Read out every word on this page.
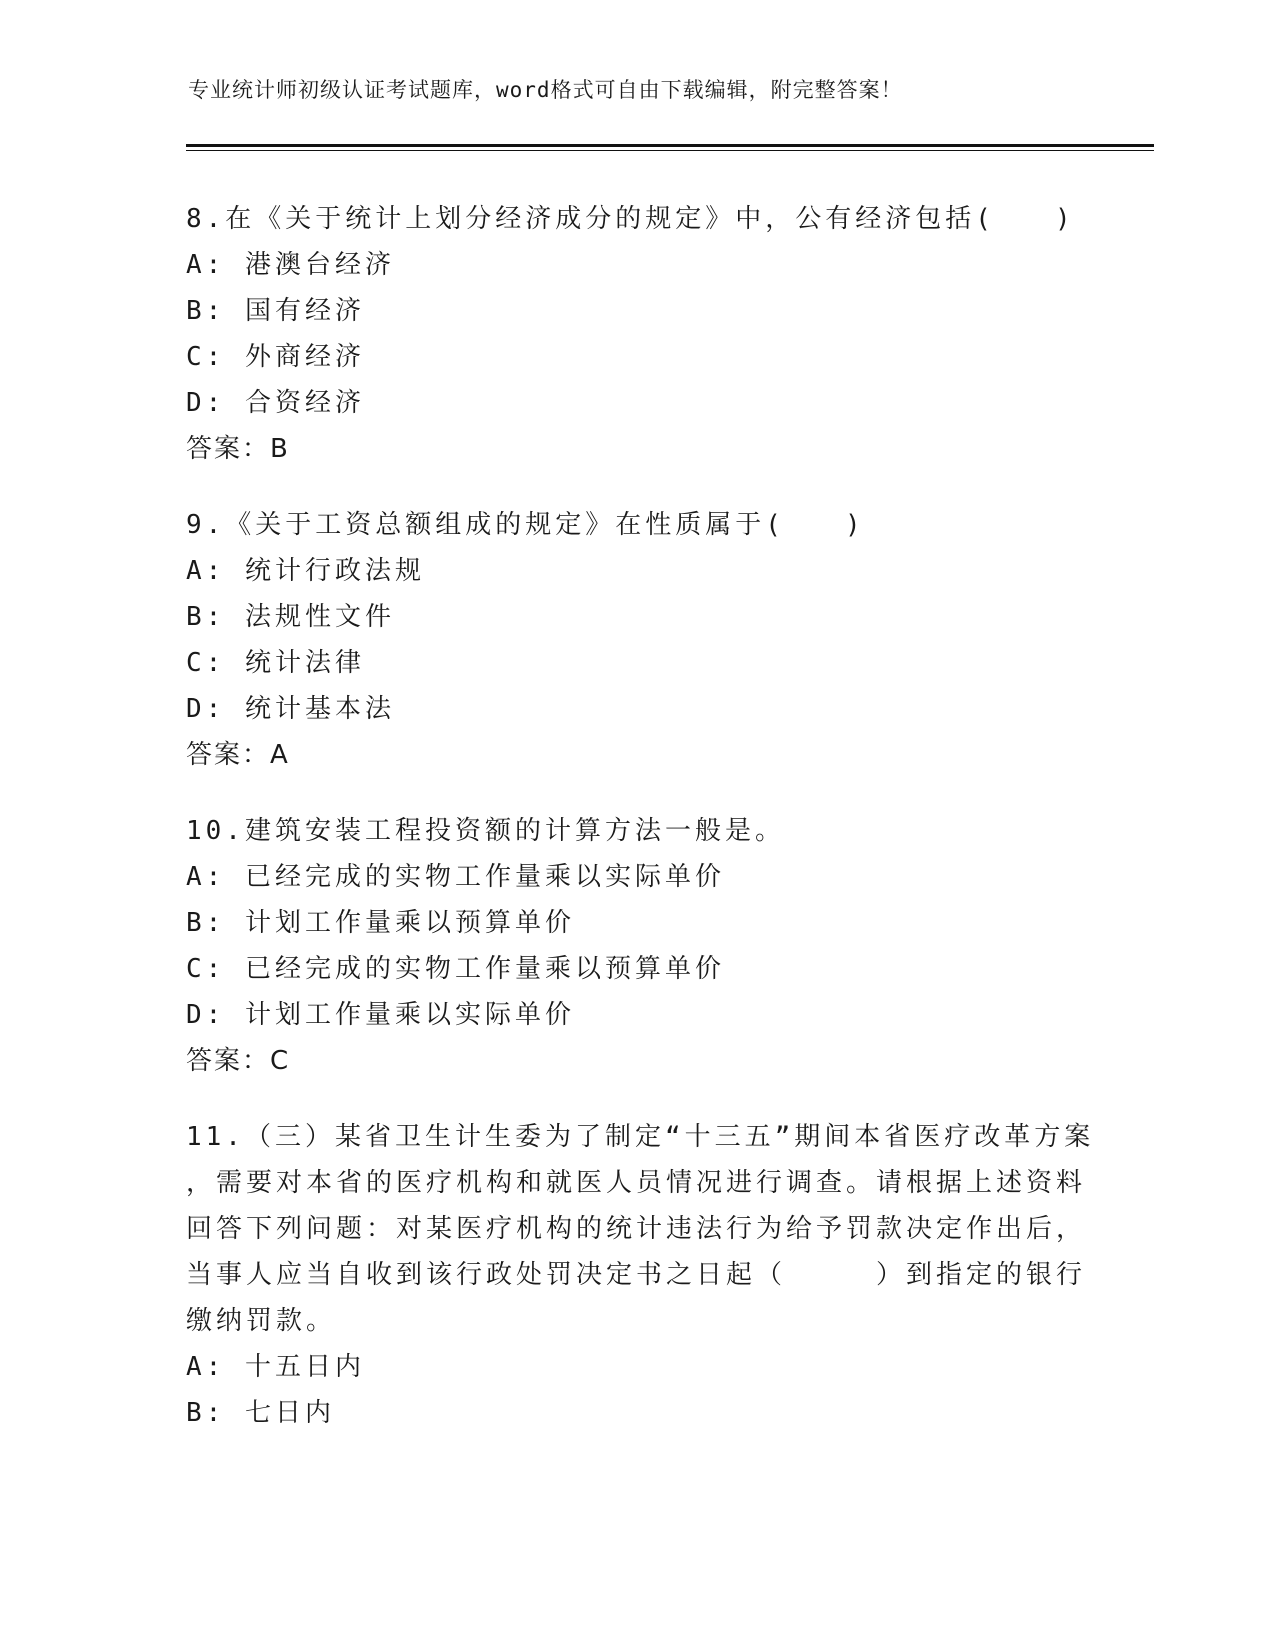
专业统计师初级认证考试题库，word格式可自由下载编辑，附完整答案！
8.在《关于统计上划分经济成分的规定》中，公有经济包括(　　)
A: 港澳台经济
B: 国有经济
C: 外商经济
D: 合资经济
答案：B
9.《关于工资总额组成的规定》在性质属于(　　)
A: 统计行政法规
B: 法规性文件
C: 统计法律
D: 统计基本法
答案：A
10.建筑安装工程投资额的计算方法一般是。
A: 已经完成的实物工作量乘以实际单价
B: 计划工作量乘以预算单价
C: 已经完成的实物工作量乘以预算单价
D: 计划工作量乘以实际单价
答案：C
11.（三）某省卫生计生委为了制定“十三五”期间本省医疗改革方案
，需要对本省的医疗机构和就医人员情况进行调查。请根据上述资料
回答下列问题：对某医疗机构的统计违法行为给予罚款决定作出后，
当事人应当自收到该行政处罚决定书之日起（　　　）到指定的银行
缴纳罚款。
A: 十五日内
B: 七日内
